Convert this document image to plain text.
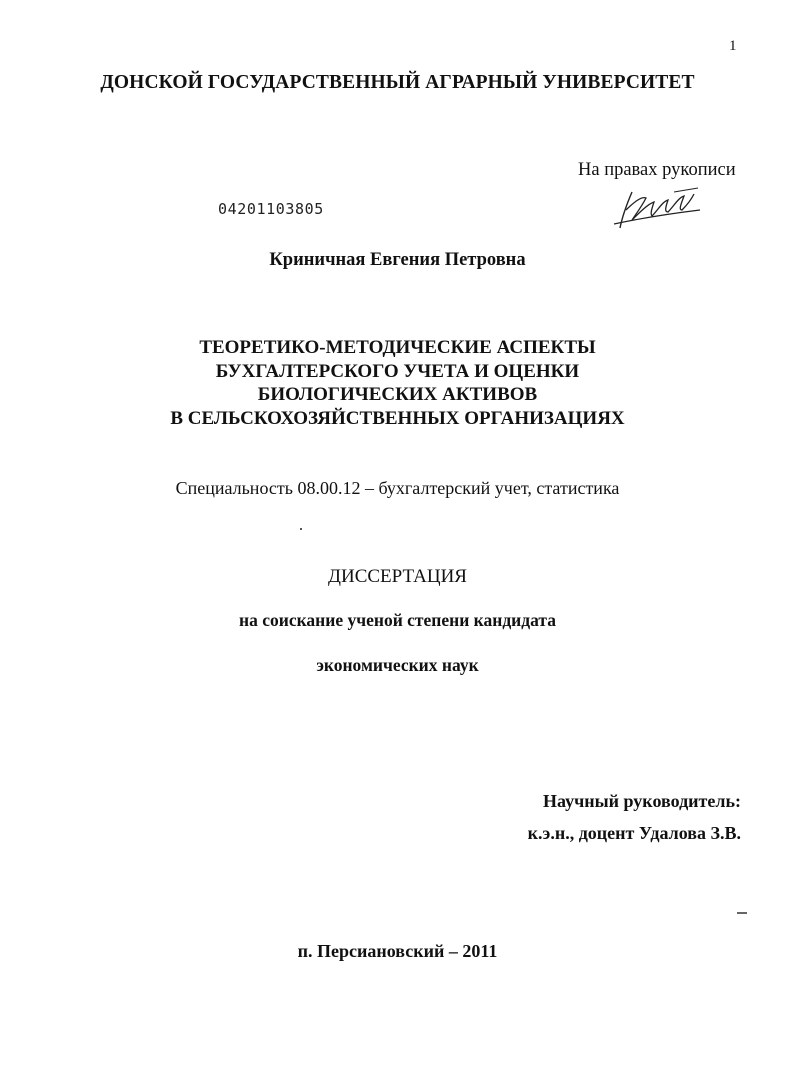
1
ДОНСКОЙ ГОСУДАРСТВЕННЫЙ АГРАРНЫЙ УНИВЕРСИТЕТ
На правах рукописи
04201103805
Криничная Евгения Петровна
ТЕОРЕТИКО-МЕТОДИЧЕСКИЕ АСПЕКТЫ
БУХГАЛТЕРСКОГО УЧЕТА И ОЦЕНКИ
БИОЛОГИЧЕСКИХ АКТИВОВ
В СЕЛЬСКОХОЗЯЙСТВЕННЫХ ОРГАНИЗАЦИЯХ
Специальность 08.00.12 – бухгалтерский учет, статистика
ДИССЕРТАЦИЯ
на соискание ученой степени кандидата
экономических наук
Научный руководитель:
к.э.н., доцент Удалова З.В.
п. Персиановский – 2011
